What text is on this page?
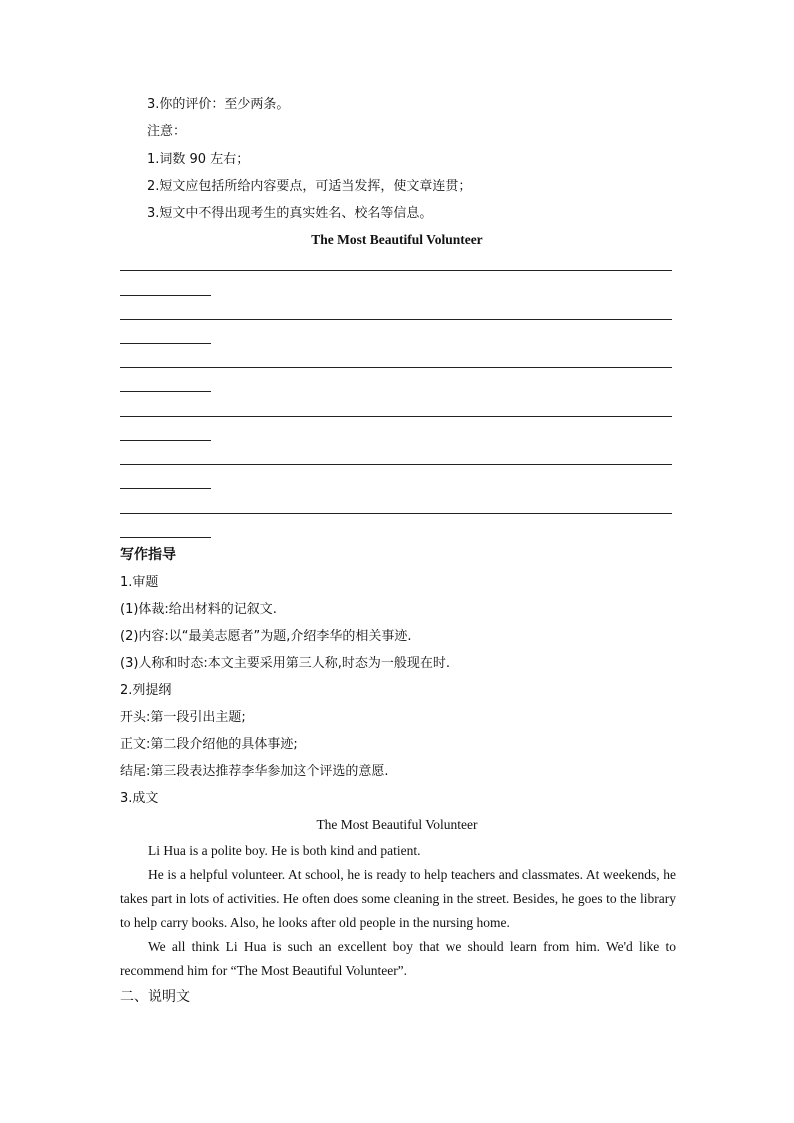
3.你的评价：至少两条。
注意：
1.词数 90 左右；
2.短文应包括所给内容要点，可适当发挥，使文章连贯；
3.短文中不得出现考生的真实姓名、校名等信息。
The Most Beautiful Volunteer
写作指导
1.审题
(1)体裁:给出材料的记叙文.
(2)内容:以“最美志愿者”为题,介绍李华的相关事迹.
(3)人称和时态:本文主要采用第三人称,时态为一般现在时.
2.列提纲
开头:第一段引出主题;
正文:第二段介绍他的具体事迹;
结尾:第三段表达推荐李华参加这个评选的意愿.
3.成文
The Most Beautiful Volunteer
Li Hua is a polite boy. He is both kind and patient.
He is a helpful volunteer. At school, he is ready to help teachers and classmates. At weekends, he takes part in lots of activities. He often does some cleaning in the street. Besides, he goes to the library to help carry books. Also, he looks after old people in the nursing home.
We all think Li Hua is such an excellent boy that we should learn from him. We'd like to recommend him for “The Most Beautiful Volunteer”.
二、说明文
